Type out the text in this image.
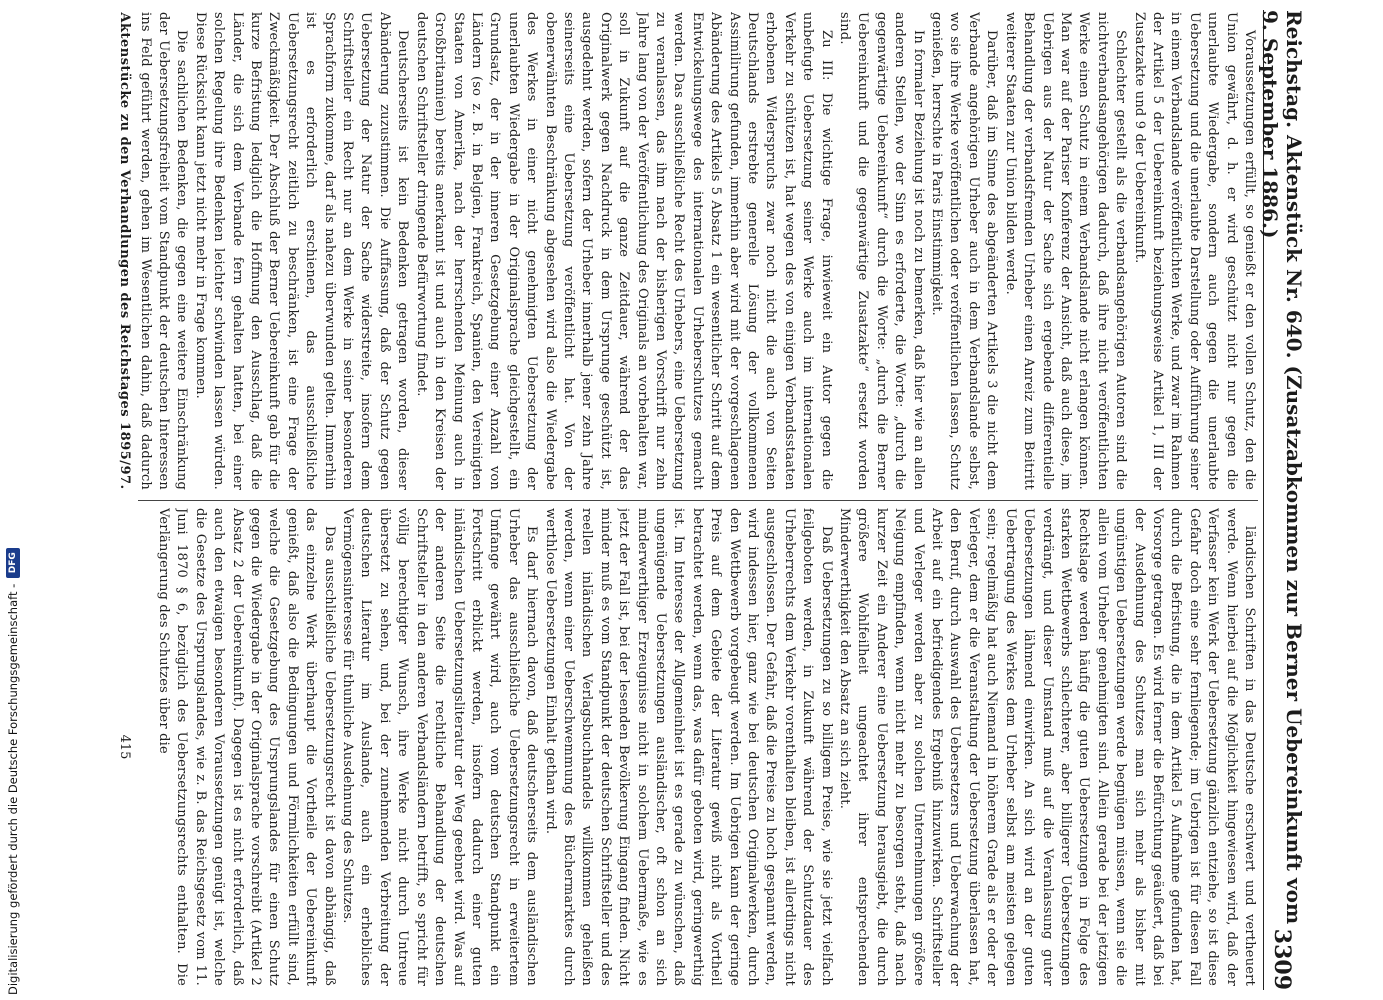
Reichstag. Aktenstück Nr. 640. (Zusatzabkommen zur Berner Uebereinkunft vom 9. September 1886.)
3309

Voraussetzungen erfüllt, so genießt er den vollen Schutz, den die Union gewährt, d. h. er wird geschützt nicht nur gegen die unerlaubte Wiedergabe, sondern auch gegen die unerlaubte Uebersetzung und die unerlaubte Darstellung oder Aufführung seiner in einem Verbandslande veröffentlichten Werke, und zwar im Rahmen der Artikel 5 der Uebereinkunft beziehungsweise Artikel 1, III der Zusatzakte und 9 der Uebereinkunft.

Schlechter gestellt als die verbandsangehörigen Autoren sind die nichtverbandsangehörigen dadurch, daß ihre nicht veröffentlichten Werke einen Schutz in einem Verbandslande nicht erlangen können. Man war auf der Pariser Konferenz der Ansicht, daß auch diese, im Uebrigen aus der Natur der Sache sich ergebende differentielle Behandlung der verbandsfremden Urheber einen Anreiz zum Beitritt weiterer Staaten zur Union bilden werde.

Darüber, daß im Sinne des abgeänderten Artikels 3 die nicht dem Verbande angehörigen Urheber auch in dem Verbandslande selbst, wo sie ihre Werke veröffentlichen oder veröffentlichen lassen, Schutz genießen, herrschte in Paris Einstimmigkeit.

In formaler Beziehung ist noch zu bemerken, daß hier wie an allen anderen Stellen, wo der Sinn es erforderte, die Worte: „durch die gegenwärtige Uebereinkunft“ durch die Worte: „durch die Berner Uebereinkunft und die gegenwärtige Zusatzakte“ ersetzt worden sind.

Zu III: Die wichtige Frage, inwieweit ein Autor gegen die unbefugte Uebersetzung seiner Werke auch im internationalen Verkehr zu schützen ist, hat wegen des von einigen Verbandsstaaten erhobenen Widerspruchs zwar noch nicht die auch von Seiten Deutschlands erstrebte generelle Lösung der vollkommenen Assimilirung gefunden, immerhin aber wird mit der vorgeschlagenen Abänderung des Artikels 5 Absatz 1 ein wesentlicher Schritt auf dem Entwickelungswege des internationalen Urheberschutzes gemacht werden. Das ausschließliche Recht des Urhebers, eine Uebersetzung zu veranlassen, das ihm nach der bisherigen Vorschrift nur zehn Jahre lang von der Veröffentlichung des Originals an vorbehalten war, soll in Zukunft auf die ganze Zeitdauer, während der das Originalwerk gegen Nachdruck in dem Ursprunge geschützt ist, ausgedehnt werden, sofern der Urheber innerhalb jener zehn Jahre seinerseits eine Uebersetzung veröffentlicht hat. Von der obenerwähnten Beschränkung abgesehen wird also die Wiedergabe des Werkes in einer nicht genehmigten Uebersetzung der unerlaubten Wiedergabe in der Originalsprache gleichgestellt, ein Grundsatz, der in der inneren Gesetzgebung einer Anzahl von Ländern (so z. B. in Belgien, Frankreich, Spanien, den Vereinigten Staaten von Amerika, nach der herrschenden Meinung auch in Großbritannien) bereits anerkannt ist und auch in den Kreisen der deutschen Schriftsteller dringende Befürwortung findet.

Deutscherseits ist kein Bedenken getragen worden, dieser Abänderung zuzustimmen. Die Auffassung, daß der Schutz gegen Uebersetzung der Natur der Sache widerstreite, insofern dem Schriftsteller ein Recht nur an dem Werke in seiner besonderen Sprachform zukomme, darf als nahezu überwunden gelten. Immerhin ist es erforderlich erschienen, das ausschließliche Uebersetzungsrecht zeitlich zu beschränken, ist eine Frage der Zweckmäßigkeit. Der Abschluß der Berner Uebereinkunft gab für die kurze Befristung lediglich die Hoffnung den Ausschlag, daß die Länder, die sich dem Verbande fern gehalten hatten, bei einer solchen Regelung ihre Bedenken leichter schwinden lassen würden. Diese Rücksicht kann jetzt nicht mehr in Frage kommen.

Die sachlichen Bedenken, die gegen eine weitere Einschränkung der Uebersetzungsfreiheit vom Standpunkt der deutschen Interessen ins Feld geführt werden, gehen im Wesentlichen dahin, daß dadurch

ländischen Schriften in das Deutsche erschwert und vertheuert werde. Wenn hierbei auf die Möglichkeit hingewiesen wird, daß der Verfasser kein Werk der Uebersetzung gänzlich entziehe, so ist diese Gefahr doch eine sehr fernliegende; im Uebrigen ist für diesen Fall durch die Befristung, die in dem Artikel 5 Aufnahme gefunden hat, Vorsorge getragen. Es wird ferner die Befürchtung geäußert, daß bei der Ausdehnung des Schutzes man sich mehr als bisher mit ungünstigen Uebersetzungen werde begnügen müssen, wenn sie die allein vom Urheber genehmigten sind. Allein gerade bei der jetzigen Rechtslage werden häufig die guten Uebersetzungen in Folge des starken Wettbewerbs schlechterer, aber billigerer Uebersetzungen verdrängt, und dieser Umstand muß auf die Veranlassung guter Uebersetzungen lähmend einwirken. An sich wird an der guten Uebertragung des Werkes dem Urheber selbst am meisten gelegen sein; regelmäßig hat auch Niemand in höherem Grade als er oder der Verleger, dem er die Veranstaltung der Uebersetzung überlassen hat, den Beruf, durch Auswahl des Uebersetzers und Ueberwachung der Arbeit auf ein befriedigendes Ergebniß hinzuwirken. Schriftsteller und Verleger werden aber zu solchen Unternehmungen größere Neigung empfinden, wenn nicht mehr zu besorgen steht, daß nach kurzer Zeit ein Anderer eine Uebersetzung herausgiebt, die durch größere Wohlfeilheit ungeachtet ihrer entsprechenden Minderwerthigkeit den Absatz an sich zieht.

Daß Uebersetzungen zu so billigem Preise, wie sie jetzt vielfach feilgeboten werden, in Zukunft während der Schutzdauer des Urheberrechts dem Verkehr vorenthalten bleiben, ist allerdings nicht ausgeschlossen. Der Gefahr, daß die Preise zu hoch gespannt werden, wird indessen hier, ganz wie bei deutschen Originalwerken, durch den Wettbewerb vorgebeugt werden. Im Uebrigen kann der geringe Preis auf dem Gebiete der Literatur gewiß nicht als Vortheil betrachtet werden, wenn das, was dafür geboten wird, geringwerthig ist. Im Interesse der Allgemeinheit ist es gerade zu wünschen, daß ungenügende Uebersetzungen ausländischer, oft schon an sich minderwerthiger Erzeugnisse nicht in solchem Uebermaße, wie es jetzt der Fall ist, bei der lesenden Bevölkerung Eingang finden. Nicht minder muß es vom Standpunkt der deutschen Schriftsteller und des reellen inländischen Verlagsbuchhandels willkommen geheißen werden, wenn einer Ueberschwemmung des Büchermarktes durch werthlose Uebersetzungen Einhalt gethan wird.

Es darf hiernach davon, daß deutscherseits dem ausländischen Urheber das ausschließliche Uebersetzungsrecht in erweitertem Umfange gewährt wird, auch vom deutschen Standpunkt ein Fortschritt erblickt werden, insofern dadurch einer guten inländischen Uebersetzungsliteratur der Weg geebnet wird. Was auf der anderen Seite die rechtliche Behandlung der deutschen Schriftsteller in den anderen Verbandsländern betrifft, so spricht für völlig berechtigter Wunsch, ihre Werke nicht durch Untreue übersetzt zu sehen, und, bei der zunehmenden Verbreitung der deutschen Literatur im Auslande, auch ein erhebliches Vermögensinteresse für thunliche Ausdehnung des Schutzes.

Das ausschließliche Uebersetzungsrecht ist davon abhängig, daß das einzelne Werk überhaupt die Vortheile der Uebereinkunft genießt, daß also die Bedingungen und Förmlichkeiten erfüllt sind, welche die Gesetzgebung des Ursprungslandes für einen Schutz gegen die Wiedergabe in der Originalsprache vorschreibt (Artikel 2 Absatz 2 der Uebereinkunft). Dagegen ist es nicht erforderlich, daß auch den etwaigen besonderen Voraussetzungen genügt ist, welche die Gesetze des Ursprungslandes, wie z. B. das Reichsgesetz vom 11. Juni 1870 § 6, bezüglich des Uebersetzungsrechts enthalten. Die Verlängerung des Schutzes über die

Aktenstücke zu den Verhandlungen des Reichstages 1895/97.
415
Digitalisierung gefördert durch die Deutsche Forschungsgemeinschaft -
DFG
